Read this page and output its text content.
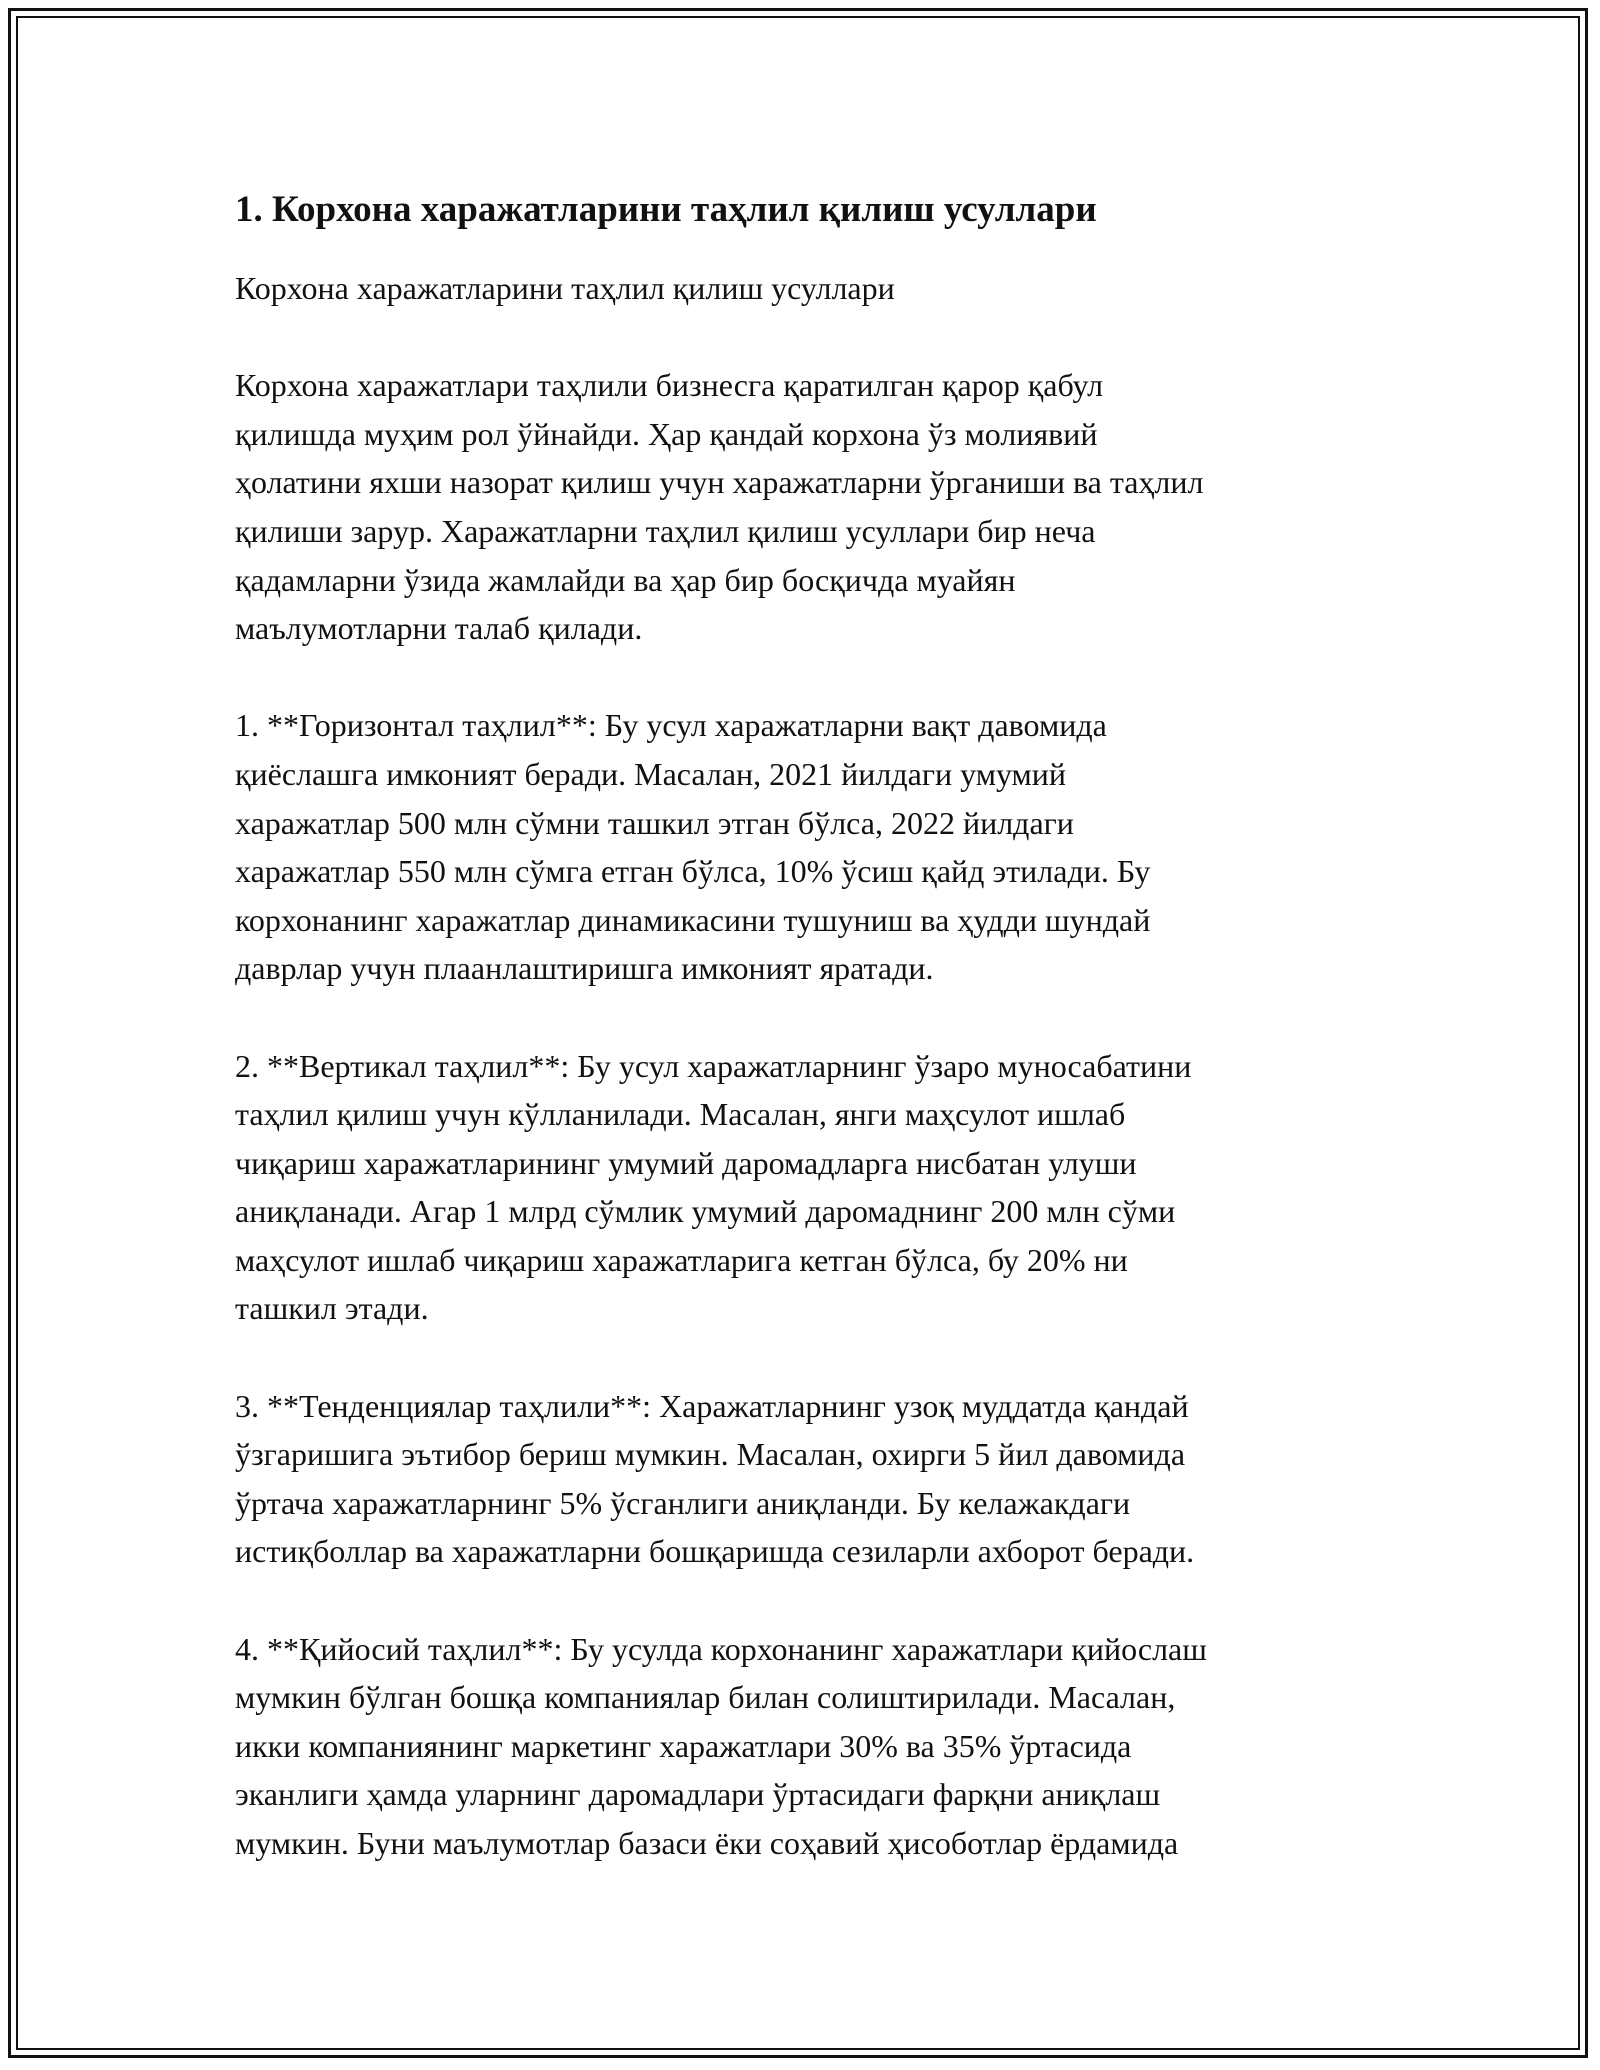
1. Корхона харажатларини таҳлил қилиш усуллари

Корхона харажатларини таҳлил қилиш усуллари

Корхона харажатлари таҳлили бизнесга қаратилган қарор қабул
қилишда муҳим рол ўйнайди. Ҳар қандай корхона ўз молиявий
ҳолатини яхши назорат қилиш учун харажатларни ўрганиши ва таҳлил
қилиши зарур. Харажатларни таҳлил қилиш усуллари бир неча
қадамларни ўзида жамлайди ва ҳар бир босқичда муайян
маълумотларни талаб қилади.

1. **Горизонтал таҳлил**: Бу усул харажатларни вақт давомида
қиёслашга имконият беради. Масалан, 2021 йилдаги умумий
харажатлар 500 млн сўмни ташкил этган бўлса, 2022 йилдаги
харажатлар 550 млн сўмга етган бўлса, 10% ўсиш қайд этилади. Бу
корхонанинг харажатлар динамикасини тушуниш ва ҳудди шундай
даврлар учун плаанлаштиришга имконият яратади.

2. **Вертикал таҳлил**: Бу усул харажатларнинг ўзаро муносабатини
таҳлил қилиш учун кўлланилади. Масалан, янги маҳсулот ишлаб
чиқариш харажатларининг умумий даромадларга нисбатан улуши
аниқланади. Агар 1 млрд сўмлик умумий даромаднинг 200 млн сўми
маҳсулот ишлаб чиқариш харажатларига кетган бўлса, бу 20% ни
ташкил этади.

3. **Тенденциялар таҳлили**: Харажатларнинг узоқ муддатда қандай
ўзгаришига эътибор бериш мумкин. Масалан, охирги 5 йил давомида
ўртача харажатларнинг 5% ўсганлиги аниқланди. Бу келажакдаги
истиқболлар ва харажатларни бошқаришда сезиларли ахборот беради.

4. **Қийосий таҳлил**: Бу усулда корхонанинг харажатлари қийослаш
мумкин бўлган бошқа компаниялар билан солиштирилади. Масалан,
икки компаниянинг маркетинг харажатлари 30% ва 35% ўртасида
эканлиги ҳамда уларнинг даромадлари ўртасидаги фарқни аниқлаш
мумкин. Буни маълумотлар базаси ёки соҳавий ҳисоботлар ёрдамида
